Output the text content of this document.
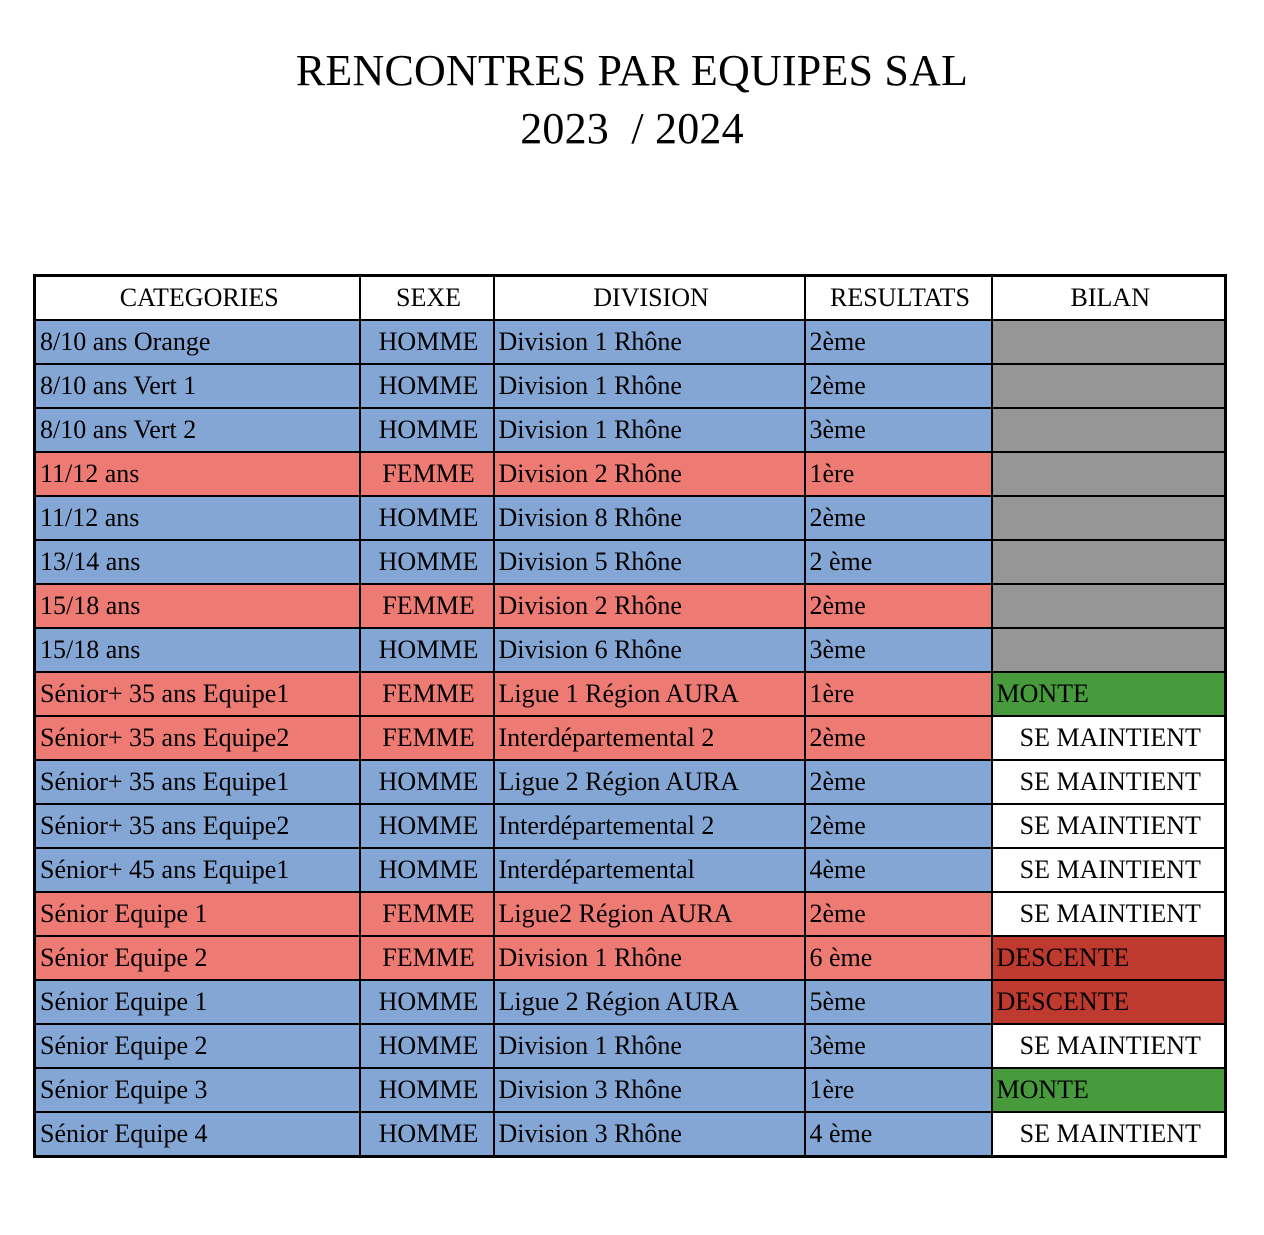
RENCONTRES PAR EQUIPES SAL
2023  / 2024
CATEGORIES	SEXE	DIVISION	RESULTATS	BILAN
8/10 ans Orange	HOMME	Division 1 Rhône	2ème	
8/10 ans Vert 1	HOMME	Division 1 Rhône	2ème	
8/10 ans Vert 2	HOMME	Division 1 Rhône	3ème	
11/12 ans	FEMME	Division 2 Rhône	1ère	
11/12 ans	HOMME	Division 8 Rhône	2ème	
13/14 ans	HOMME	Division 5 Rhône	2 ème	
15/18 ans	FEMME	Division 2 Rhône	2ème	
15/18 ans	HOMME	Division 6 Rhône	3ème	
Sénior+ 35 ans Equipe1	FEMME	Ligue 1 Région AURA	1ère	MONTE
Sénior+ 35 ans Equipe2	FEMME	Interdépartemental 2	2ème	SE MAINTIENT

Sénior+ 35 ans Equipe1	HOMME	Ligue 2 Région AURA	2ème	SE MAINTIENT

Sénior+ 35 ans Equipe2	HOMME	Interdépartemental 2	2ème	SE MAINTIENT

Sénior+ 45 ans Equipe1	HOMME	Interdépartemental	4ème	SE MAINTIENT

Sénior Equipe 1	FEMME	Ligue2 Région AURA	2ème	SE MAINTIENT

Sénior Equipe 2	FEMME	Division 1 Rhône	6 ème	DESCENTE
Sénior Equipe 1	HOMME	Ligue 2 Région AURA	5ème	DESCENTE
Sénior Equipe 2	HOMME	Division 1 Rhône	3ème	SE MAINTIENT

Sénior Equipe 3	HOMME	Division 3 Rhône	1ère	MONTE
Sénior Equipe 4	HOMME	Division 3 Rhône	4 ème	SE MAINTIENT
